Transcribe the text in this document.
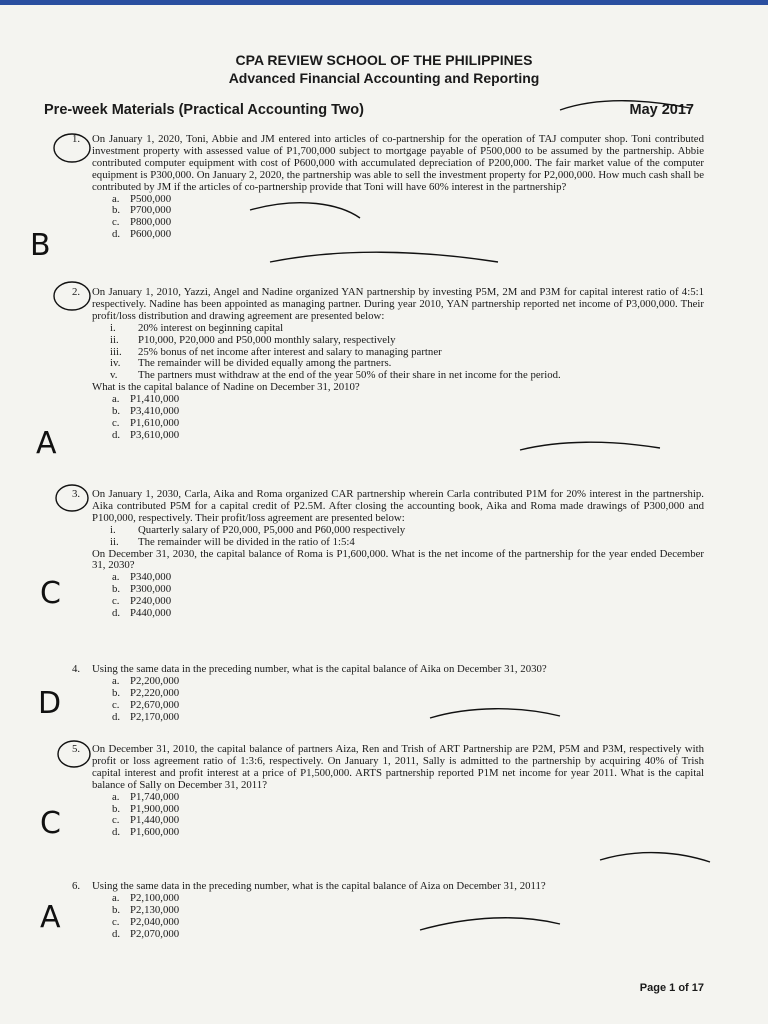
CPA REVIEW SCHOOL OF THE PHILIPPINES
Advanced Financial Accounting and Reporting
Pre-week Materials (Practical Accounting Two)	May 2017
1. On January 1, 2020, Toni, Abbie and JM entered into articles of co-partnership for the operation of TAJ computer shop. Toni contributed investment property with assessed value of P1,700,000 subject to mortgage payable of P500,000 to be assumed by the partnership. Abbie contributed computer equipment with cost of P600,000 with accumulated depreciation of P200,000. The fair market value of the computer equipment is P300,000. On January 2, 2020, the partnership was able to sell the investment property for P2,000,000. How much cash shall be contributed by JM if the articles of co-partnership provide that Toni will have 60% interest in the partnership?
a. P500,000
b. P700,000
c. P800,000
d. P600,000
2. On January 1, 2010, Yazzi, Angel and Nadine organized YAN partnership by investing P5M, 2M and P3M for capital interest ratio of 4:5:1 respectively. Nadine has been appointed as managing partner. During year 2010, YAN partnership reported net income of P3,000,000. Their profit/loss distribution and drawing agreement are presented below:
i.	20% interest on beginning capital
ii.	P10,000, P20,000 and P50,000 monthly salary, respectively
iii.	25% bonus of net income after interest and salary to managing partner
iv.	The remainder will be divided equally among the partners.
v.	The partners must withdraw at the end of the year 50% of their share in net income for the period.
What is the capital balance of Nadine on December 31, 2010?
a. P1,410,000
b. P3,410,000
c. P1,610,000
d. P3,610,000
3. On January 1, 2030, Carla, Aika and Roma organized CAR partnership wherein Carla contributed P1M for 20% interest in the partnership. Aika contributed P5M for a capital credit of P2.5M. After closing the accounting book, Aika and Roma made drawings of P300,000 and P100,000, respectively. Their profit/loss agreement are presented below:
i.	Quarterly salary of P20,000, P5,000 and P60,000 respectively
ii.	The remainder will be divided in the ratio of 1:5:4
On December 31, 2030, the capital balance of Roma is P1,600,000. What is the net income of the partnership for the year ended December 31, 2030?
a. P340,000
b. P300,000
c. P240,000
d. P440,000
4. Using the same data in the preceding number, what is the capital balance of Aika on December 31, 2030?
a. P2,200,000
b. P2,220,000
c. P2,670,000
d. P2,170,000
5. On December 31, 2010, the capital balance of partners Aiza, Ren and Trish of ART Partnership are P2M, P5M and P3M, respectively with profit or loss agreement ratio of 1:3:6, respectively. On January 1, 2011, Sally is admitted to the partnership by acquiring 40% of Trish capital interest and profit interest at a price of P1,500,000. ARTS partnership reported P1M net income for year 2011. What is the capital balance of Sally on December 31, 2011?
a. P1,740,000
b. P1,900,000
c. P1,440,000
d. P1,600,000
6. Using the same data in the preceding number, what is the capital balance of Aiza on December 31, 2011?
a. P2,100,000
b. P2,130,000
c. P2,040,000
d. P2,070,000
B
A
C
D
C
A
Page 1 of 17
